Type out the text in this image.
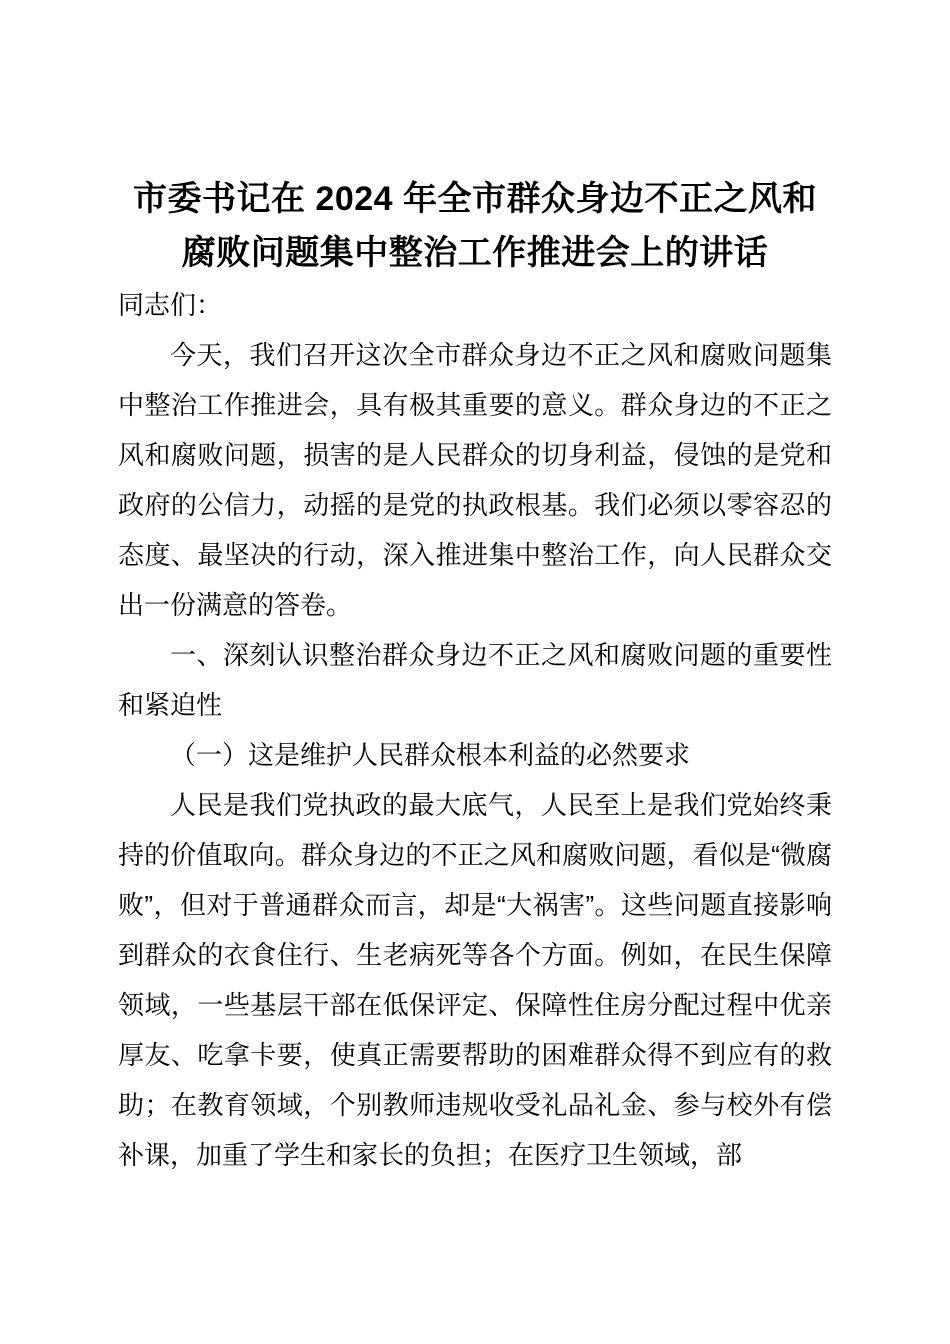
市委书记在 2024 年全市群众身边不正之风和腐败问题集中整治工作推进会上的讲话

同志们：

今天，我们召开这次全市群众身边不正之风和腐败问题集中整治工作推进会，具有极其重要的意义。群众身边的不正之风和腐败问题，损害的是人民群众的切身利益，侵蚀的是党和政府的公信力，动摇的是党的执政根基。我们必须以零容忍的态度、最坚决的行动，深入推进集中整治工作，向人民群众交出一份满意的答卷。

一、深刻认识整治群众身边不正之风和腐败问题的重要性和紧迫性

（一）这是维护人民群众根本利益的必然要求

人民是我们党执政的最大底气，人民至上是我们党始终秉持的价值取向。群众身边的不正之风和腐败问题，看似是“微腐败”，但对于普通群众而言，却是“大祸害”。这些问题直接影响到群众的衣食住行、生老病死等各个方面。例如，在民生保障领域，一些基层干部在低保评定、保障性住房分配过程中优亲厚友、吃拿卡要，使真正需要帮助的困难群众得不到应有的救助；在教育领域，个别教师违规收受礼品礼金、参与校外有偿补课，加重了学生和家长的负担；在医疗卫生领域，部
